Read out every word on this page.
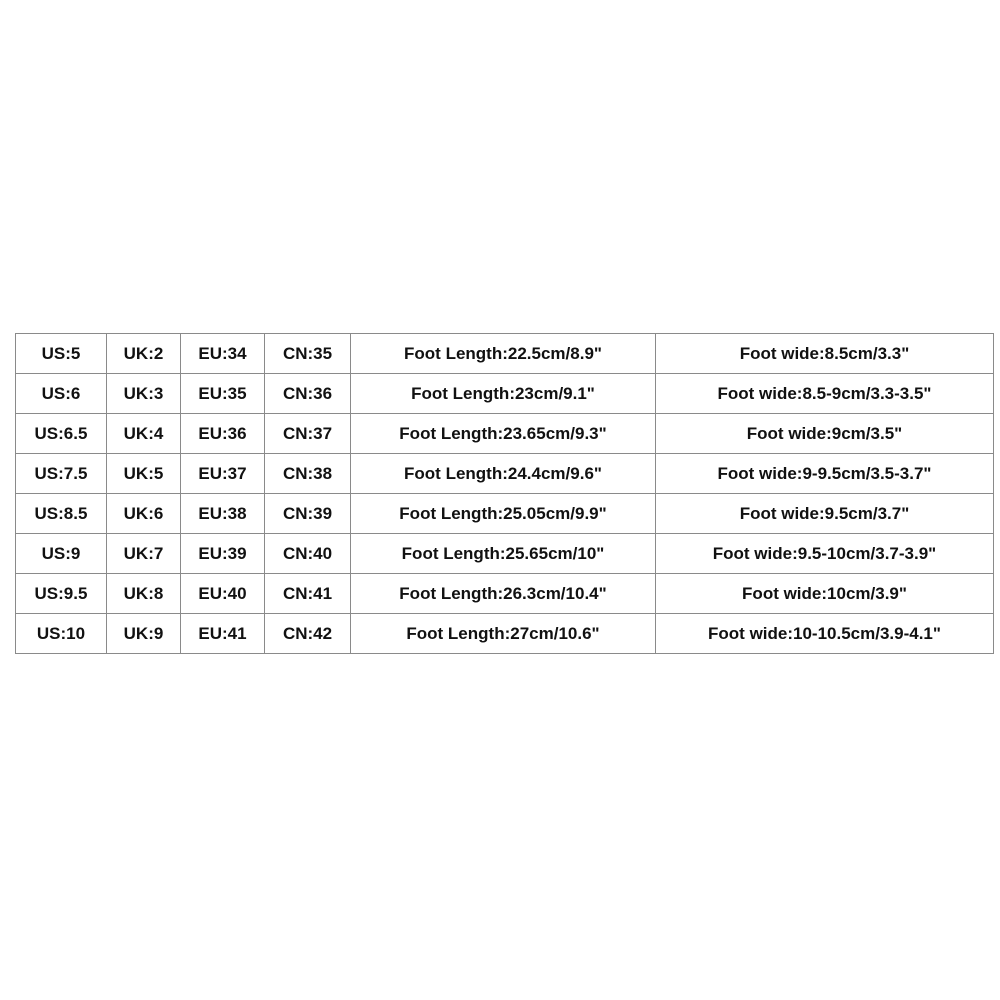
US:5	UK:2	EU:34	CN:35	Foot Length:22.5cm/8.9"	Foot wide:8.5cm/3.3"
US:6	UK:3	EU:35	CN:36	Foot Length:23cm/9.1"	Foot wide:8.5-9cm/3.3-3.5"
US:6.5	UK:4	EU:36	CN:37	Foot Length:23.65cm/9.3"	Foot wide:9cm/3.5"
US:7.5	UK:5	EU:37	CN:38	Foot Length:24.4cm/9.6"	Foot wide:9-9.5cm/3.5-3.7"
US:8.5	UK:6	EU:38	CN:39	Foot Length:25.05cm/9.9"	Foot wide:9.5cm/3.7"
US:9	UK:7	EU:39	CN:40	Foot Length:25.65cm/10"	Foot wide:9.5-10cm/3.7-3.9"
US:9.5	UK:8	EU:40	CN:41	Foot Length:26.3cm/10.4"	Foot wide:10cm/3.9"
US:10	UK:9	EU:41	CN:42	Foot Length:27cm/10.6"	Foot wide:10-10.5cm/3.9-4.1"
